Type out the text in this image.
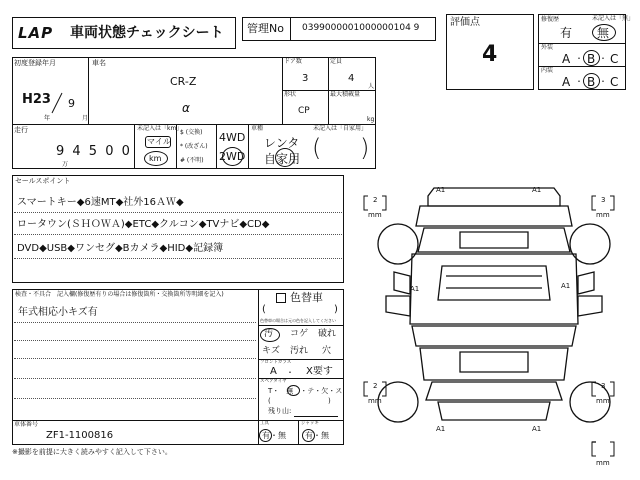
LAP 車両状態チェックシート 管理No 0399000001000000104 9	評価点
4
修復歴	未記入は「無」
有 無
外装
A ・ B ・ C
内装
A ・ B ・ C
初度登録年月
H23 9
年	月
車名
CR-Z
α
ドア数
3
定員
4
人
形状
CP
最大積載量
kg
走行
9 4 5 0 0
万
未記入は「km」
マイル
km
$ (交換)
* (改ざん)
# (不明)
4WD
2WD
車種	未記入は「自家用」
レンタ
自家用 ( )
セールスポイント
スマートキー◆6速MT◆社外16ＡＷ◆
ロータウン(ＳＨＯＷＡ)◆ETC◆クルコン◆TVナビ◆CD◆
DVD◆USB◆ワンセグ◆Bカメラ◆HID◆記録簿
検査・不具合　記入欄(修復歴有りの場合は修復箇所・交換箇所等明細を記入)
年式相応小キズ有
車体番号
ZF1-1100816
色替車
(	)
色替車の場合は元の色を記入してください
汚 コゲ 破れ
キズ 汚れ 穴
フロントガラス
A ・ X要す
スペアタイヤ
T・　無　・テ・欠・ス
(	)
残り山:
工具
有・無
ジャッキ
有・無
※撮影を前提に大きく読みやすく記入して下さい。
A1	A1
A1	A1
A1	A1
2
mm
3
mm
2
mm
3
mm
mm
